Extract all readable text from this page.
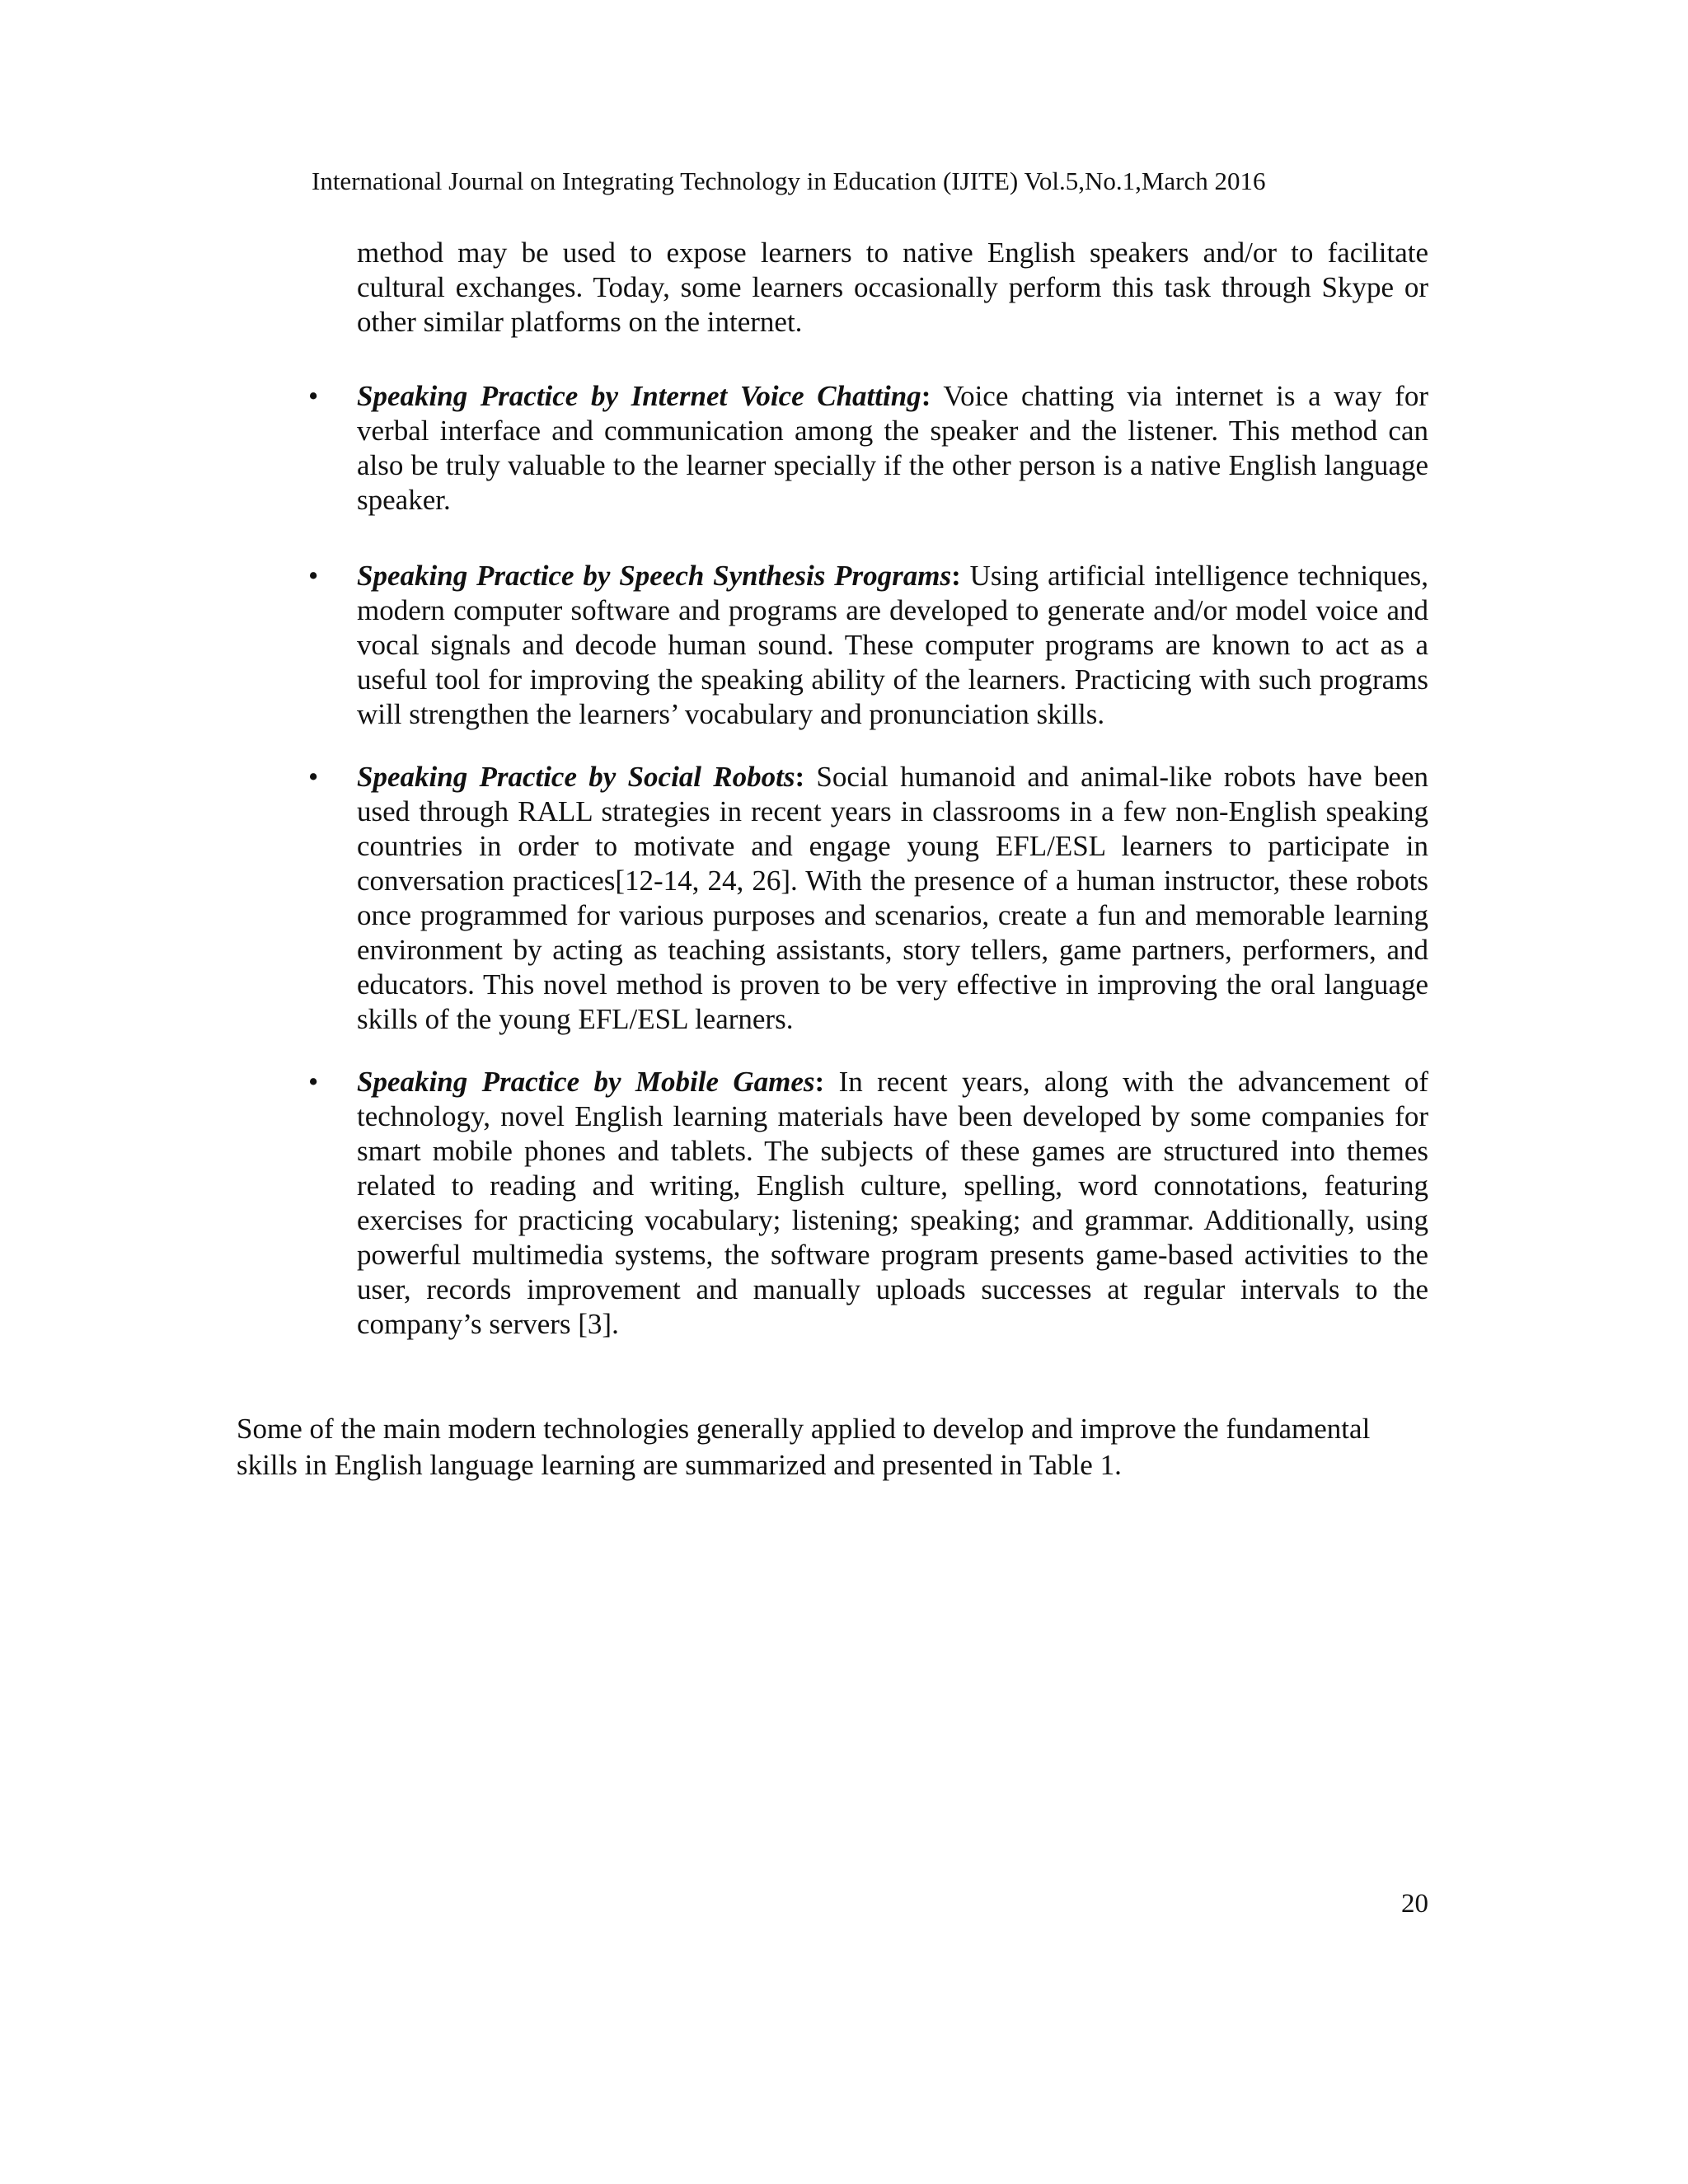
International Journal on Integrating Technology in Education (IJITE) Vol.5,No.1,March 2016

method may be used to expose learners to native English speakers and/or to facilitate cultural exchanges. Today, some learners occasionally perform this task through Skype or other similar platforms on the internet.

• Speaking Practice by Internet Voice Chatting: Voice chatting via internet is a way for verbal interface and communication among the speaker and the listener. This method can also be truly valuable to the learner specially if the other person is a native English language speaker.
• Speaking Practice by Speech Synthesis Programs: Using artificial intelligence techniques, modern computer software and programs are developed to generate and/or model voice and vocal signals and decode human sound. These computer programs are known to act as a useful tool for improving the speaking ability of the learners. Practicing with such programs will strengthen the learners’ vocabulary and pronunciation skills.
• Speaking Practice by Social Robots: Social humanoid and animal-like robots have been used through RALL strategies in recent years in classrooms in a few non-English speaking countries in order to motivate and engage young EFL/ESL learners to participate in conversation practices[12-14, 24, 26]. With the presence of a human instructor, these robots once programmed for various purposes and scenarios, create a fun and memorable learning environment by acting as teaching assistants, story tellers, game partners, performers, and educators. This novel method is proven to be very effective in improving the oral language skills of the young EFL/ESL learners.
• Speaking Practice by Mobile Games: In recent years, along with the advancement of technology, novel English learning materials have been developed by some companies for smart mobile phones and tablets. The subjects of these games are structured into themes related to reading and writing, English culture, spelling, word connotations, featuring exercises for practicing vocabulary; listening; speaking; and grammar. Additionally, using powerful multimedia systems, the software program presents game-based activities to the user, records improvement and manually uploads successes at regular intervals to the company’s servers [3].

Some of the main modern technologies generally applied to develop and improve the fundamental skills in English language learning are summarized and presented in Table 1.

20
